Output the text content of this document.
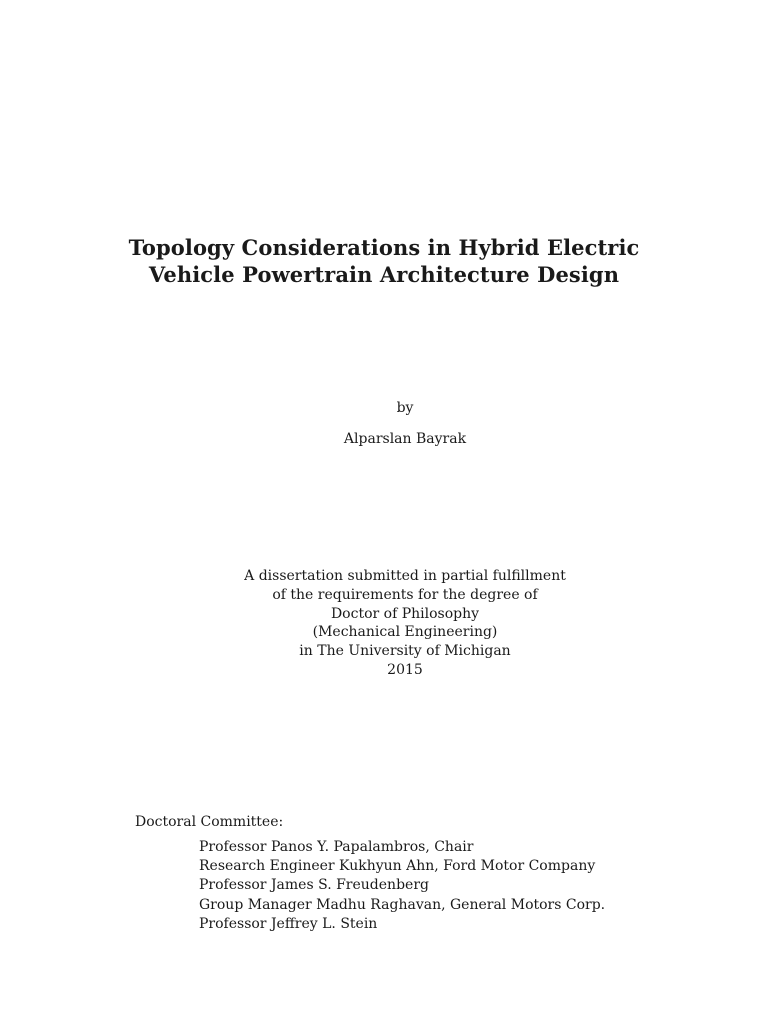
Topology Considerations in Hybrid Electric
Vehicle Powertrain Architecture Design
by
Alparslan Bayrak
A dissertation submitted in partial fulfillment
of the requirements for the degree of
Doctor of Philosophy
(Mechanical Engineering)
in The University of Michigan
2015
Doctoral Committee:
Professor Panos Y. Papalambros, Chair
Research Engineer Kukhyun Ahn, Ford Motor Company
Professor James S. Freudenberg
Group Manager Madhu Raghavan, General Motors Corp.
Professor Jeffrey L. Stein
